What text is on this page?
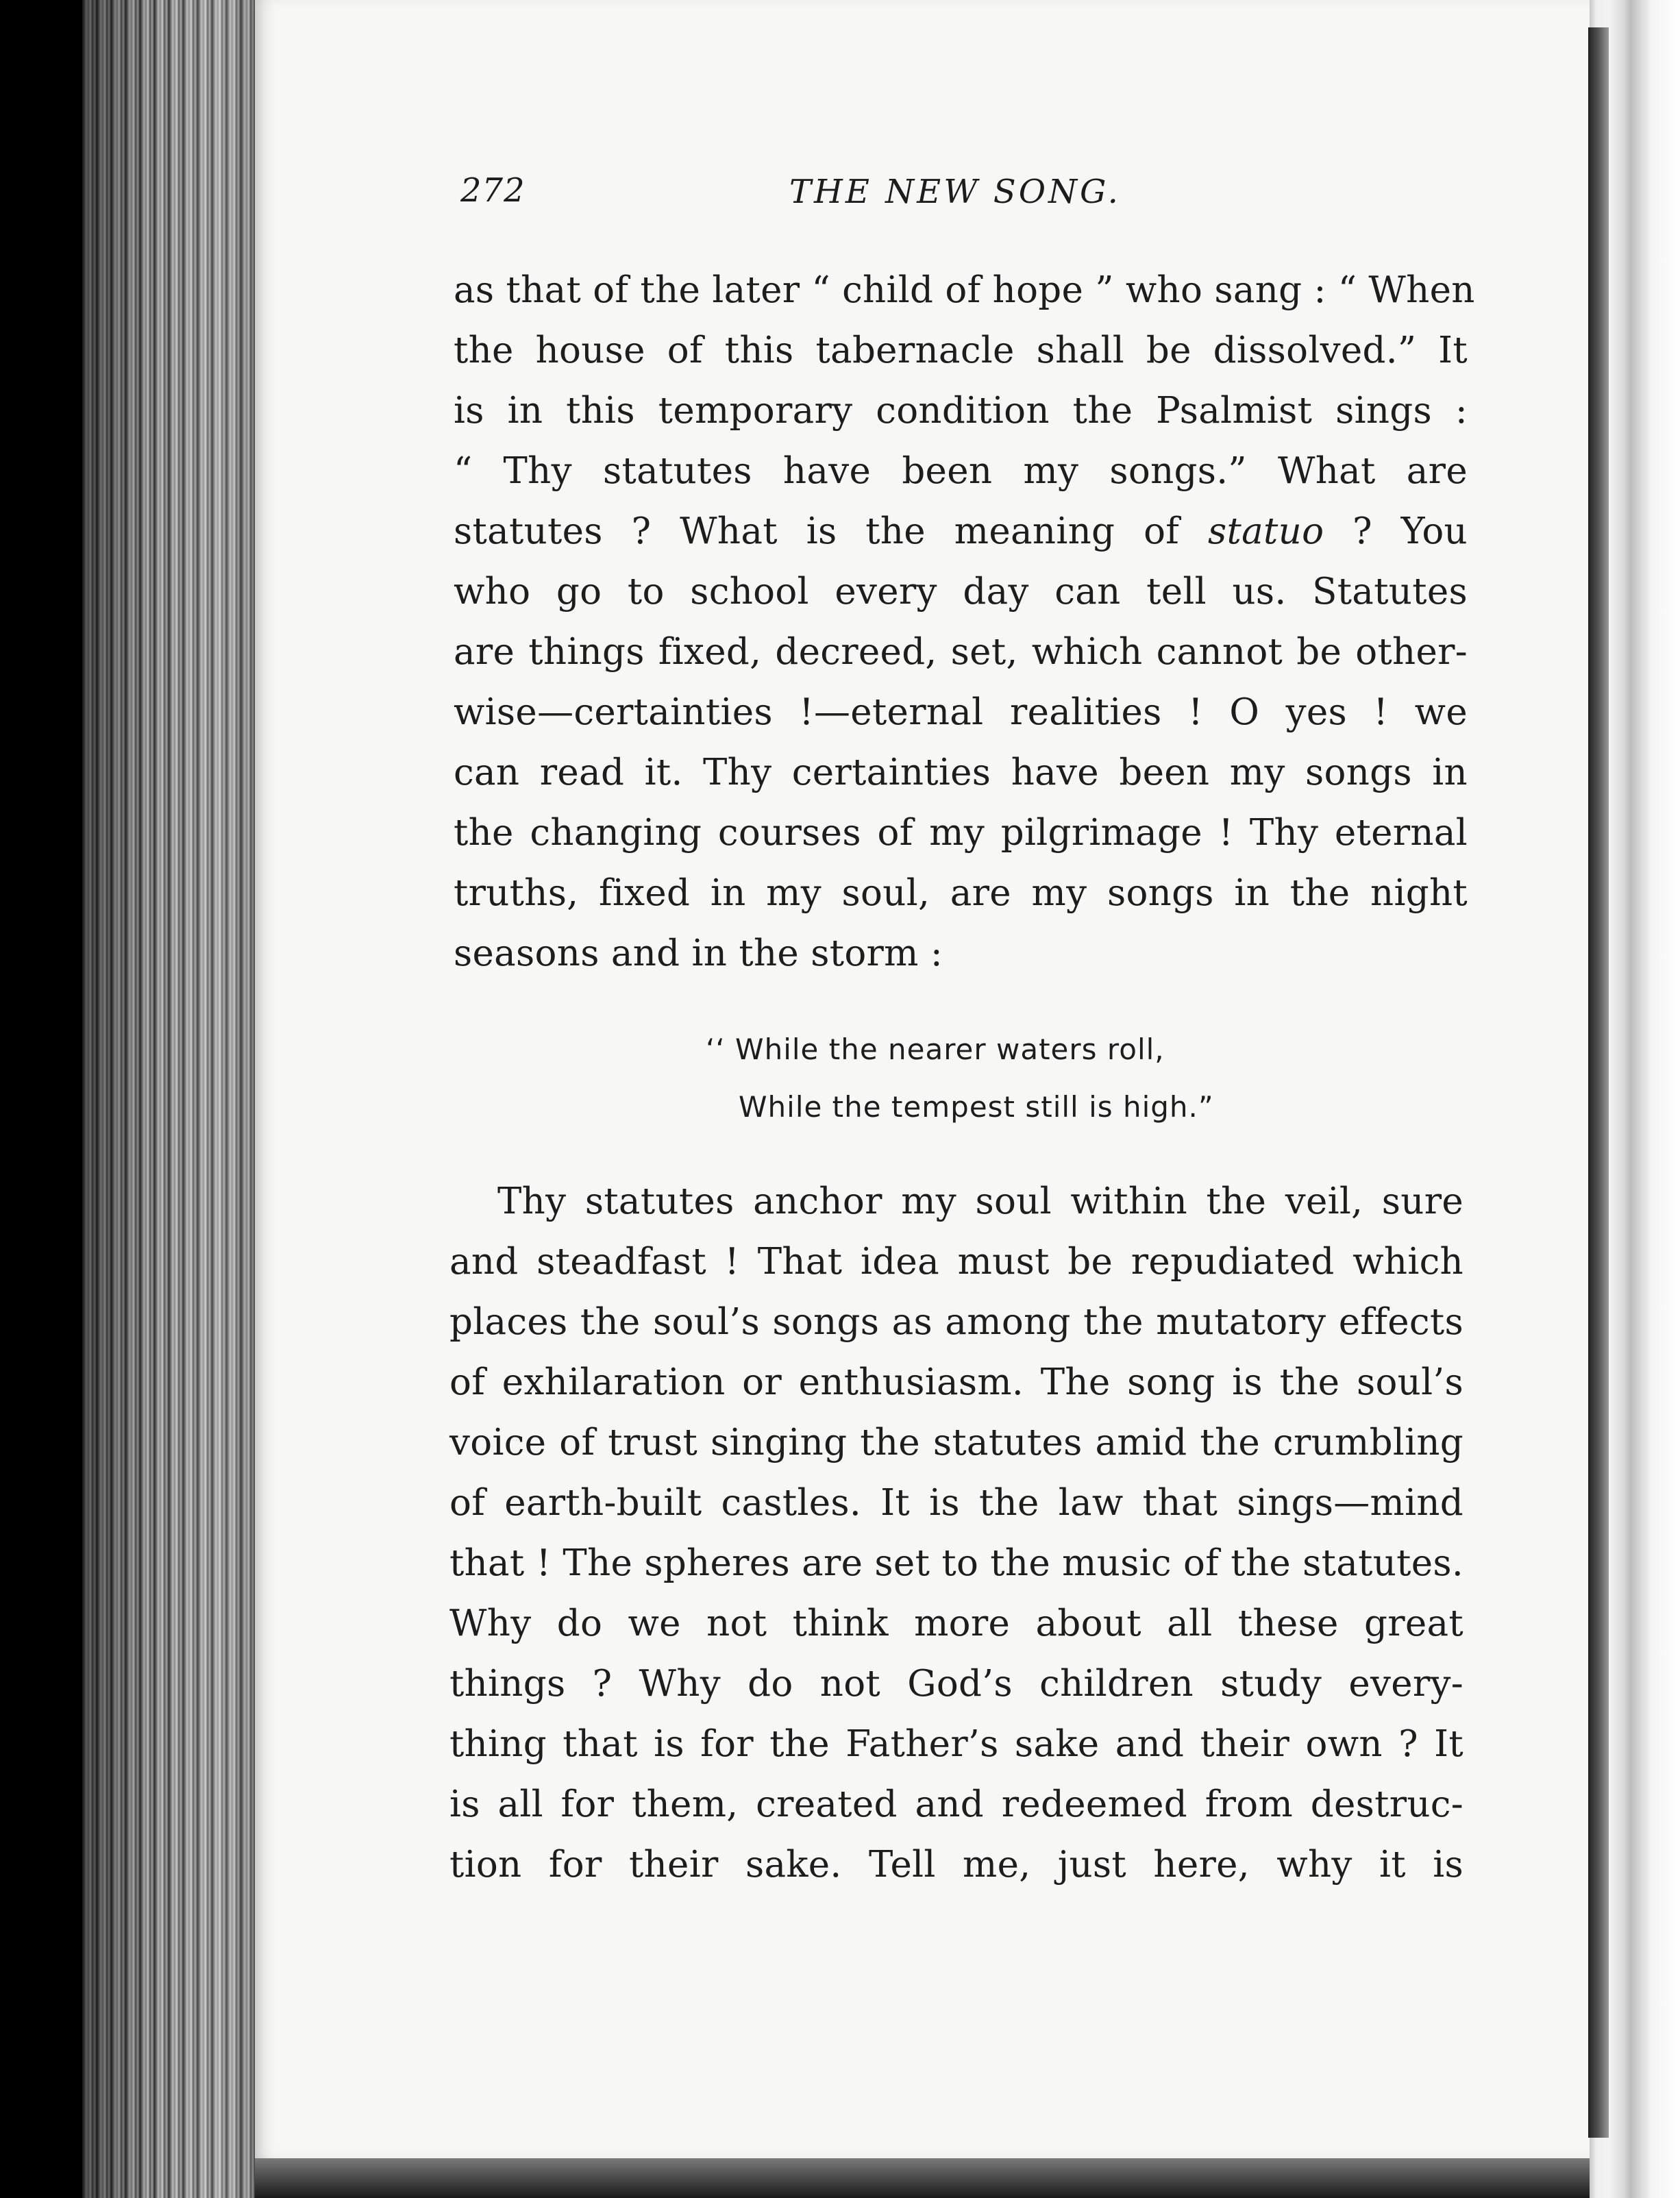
272	THE NEW SONG.
as that of the later “ child of hope ” who sang : “ When
the house of this tabernacle shall be dissolved.” It
is in this temporary condition the Psalmist sings :
“ Thy statutes have been my songs.” What are
statutes ? What is the meaning of statuo ? You
who go to school every day can tell us. Statutes
are things fixed, decreed, set, which cannot be other-
wise—certainties !—eternal realities ! O yes ! we
can read it. Thy certainties have been my songs in
the changing courses of my pilgrimage ! Thy eternal
truths, fixed in my soul, are my songs in the night
seasons and in the storm :
‘‘ While the nearer waters roll,
While the tempest still is high.”
Thy statutes anchor my soul within the veil, sure
and steadfast ! That idea must be repudiated which
places the soul’s songs as among the mutatory effects
of exhilaration or enthusiasm. The song is the soul’s
voice of trust singing the statutes amid the crumbling
of earth-built castles. It is the law that sings—mind
that ! The spheres are set to the music of the statutes.
Why do we not think more about all these great
things ? Why do not God’s children study every-
thing that is for the Father’s sake and their own ? It
is all for them, created and redeemed from destruc-
tion for their sake. Tell me, just here, why it is
